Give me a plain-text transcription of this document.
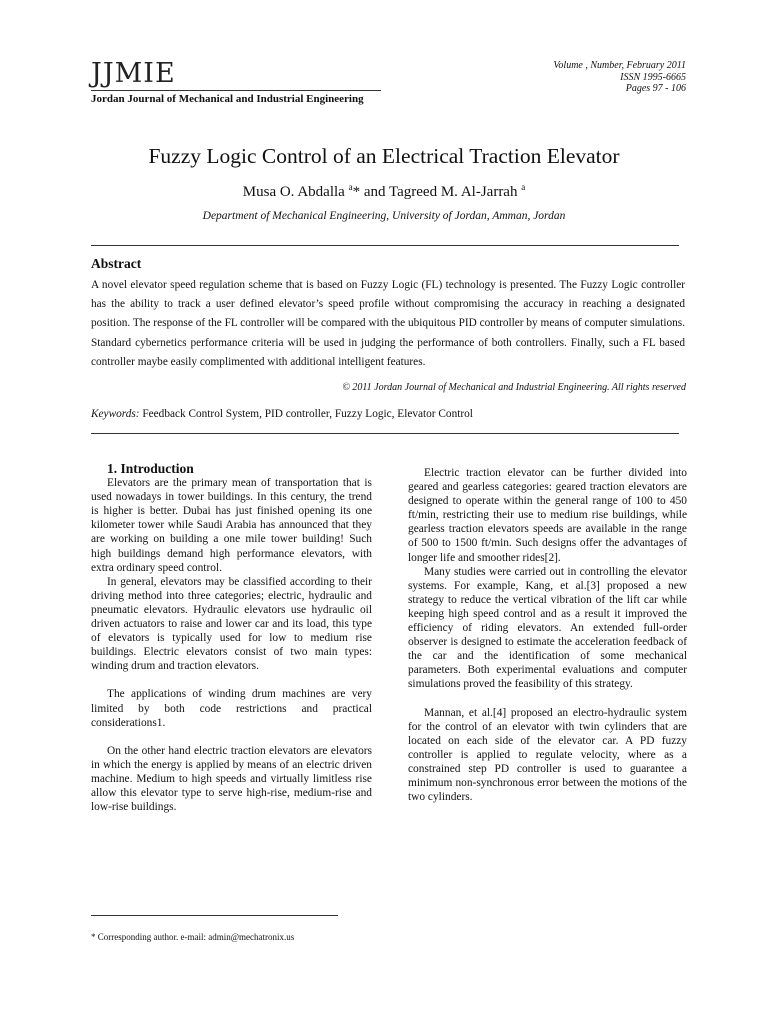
JJMIE
Jordan Journal of Mechanical and Industrial Engineering
Volume , Number, February 2011
ISSN 1995-6665
Pages 97 - 106
Fuzzy Logic Control of an Electrical Traction Elevator
Musa O. Abdalla $^a$* and Tagreed M. Al-Jarrah $^a$
Department of Mechanical Engineering, University of Jordan, Amman, Jordan
Abstract
A novel elevator speed regulation scheme that is based on Fuzzy Logic (FL) technology is presented. The Fuzzy Logic controller has the ability to track a user defined elevator’s speed profile without compromising the accuracy in reaching a designated position. The response of the FL controller will be compared with the ubiquitous PID controller by means of computer simulations. Standard cybernetics performance criteria will be used in judging the performance of both controllers. Finally, such a FL based controller maybe easily complimented with additional intelligent features.
© 2011 Jordan Journal of Mechanical and Industrial Engineering. All rights reserved
Keywords: Feedback Control System, PID controller, Fuzzy Logic, Elevator Control

1. Introduction

Elevators are the primary mean of transportation that is used nowadays in tower buildings. In this century, the trend is higher is better. Dubai has just finished opening its one kilometer tower while Saudi Arabia has announced that they are working on building a one mile tower building! Such high buildings demand high performance elevators, with extra ordinary speed control.

In general, elevators may be classified according to their driving method into three categories; electric, hydraulic and pneumatic elevators. Hydraulic elevators use hydraulic oil driven actuators to raise and lower car and its load, this type of elevators is typically used for low to medium rise buildings. Electric elevators consist of two main types: winding drum and traction elevators.

The applications of winding drum machines are very limited by both code restrictions and practical considerations1.

On the other hand electric traction elevators are elevators in which the energy is applied by means of an electric driven machine. Medium to high speeds and virtually limitless rise allow this elevator type to serve high-rise, medium-rise and low-rise buildings.

Electric traction elevator can be further divided into geared and gearless categories: geared traction elevators are designed to operate within the general range of 100 to 450 ft/min, restricting their use to medium rise buildings, while gearless traction elevators speeds are available in the range of 500 to 1500 ft/min. Such designs offer the advantages of longer life and smoother rides[2].

Many studies were carried out in controlling the elevator systems. For example, Kang, et al.[3] proposed a new strategy to reduce the vertical vibration of the lift car while keeping high speed control and as a result it improved the efficiency of riding elevators. An extended full-order observer is designed to estimate the acceleration feedback of the car and the identification of some mechanical parameters. Both experimental evaluations and computer simulations proved the feasibility of this strategy.

Mannan, et al.[4] proposed an electro-hydraulic system for the control of an elevator with twin cylinders that are located on each side of the elevator car. A PD fuzzy controller is applied to regulate velocity, where as a constrained step PD controller is used to guarantee a minimum non-synchronous error between the motions of the two cylinders.

* Corresponding author. e-mail: admin@mechatronix.us
